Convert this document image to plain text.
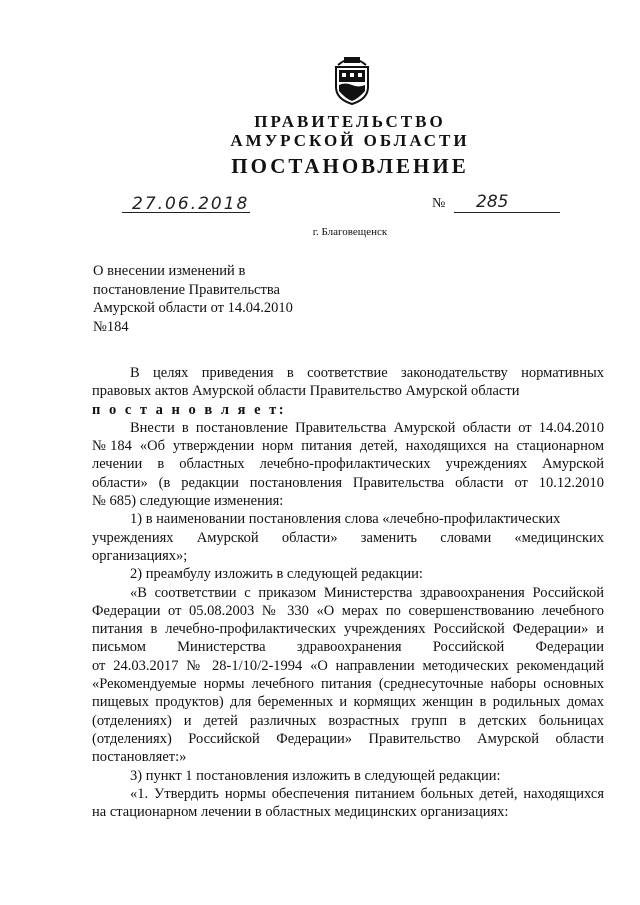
ПРАВИТЕЛЬСТВО
АМУРСКОЙ ОБЛАСТИ
ПОСТАНОВЛЕНИЕ
27.06.2018	№ 285
г. Благовещенск
О внесении изменений в
постановление Правительства
Амурской области от 14.04.2010
№184
В целях приведения в соответствие законодательству нормативных
правовых актов Амурской области Правительство Амурской области
п о с т а н о в л я е т:
Внести в постановление Правительства Амурской области от 14.04.2010
№184 «Об утверждении норм питания детей, находящихся на стационарном
лечении в областных лечебно-профилактических учреждениях Амурской
области» (в редакции постановления Правительства области от 10.12.2010
№ 685) следующие изменения:
1) в наименовании постановления слова «лечебно-профилактических
учреждениях Амурской области» заменить словами «медицинских
организациях»;
2) преамбулу изложить в следующей редакции:
«В соответствии с приказом Министерства здравоохранения Российской
Федерации от 05.08.2003 № 330 «О мерах по совершенствованию лечебного
питания в лечебно-профилактических учреждениях Российской Федерации» и
письмом Министерства здравоохранения Российской Федерации
от 24.03.2017 № 28-1/10/2-1994 «О направлении методических рекомендаций
«Рекомендуемые нормы лечебного питания (среднесуточные наборы основных
пищевых продуктов) для беременных и кормящих женщин в родильных домах
(отделениях) и детей различных возрастных групп в детских больницах
(отделениях) Российской Федерации» Правительство Амурской области
постановляет:»
3) пункт 1 постановления изложить в следующей редакции:
«1. Утвердить нормы обеспечения питанием больных детей, находящихся
на стационарном лечении в областных медицинских организациях:
